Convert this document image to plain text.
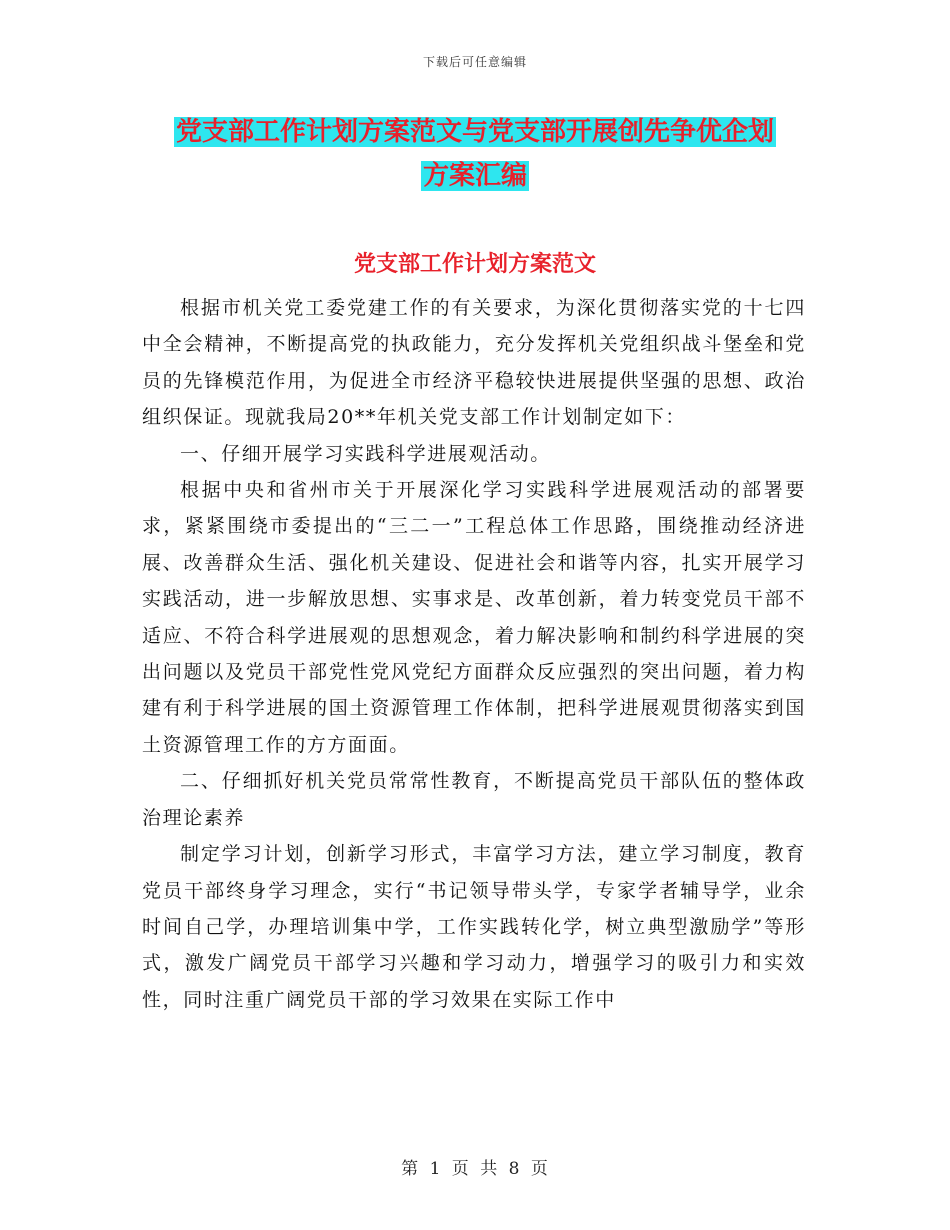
下载后可任意编辑
党支部工作计划方案范文与党支部开展创先争优企划
方案汇编
党支部工作计划方案范文

根据市机关党工委党建工作的有关要求，为深化贯彻落实党的十七四中全会精神，不断提高党的执政能力，充分发挥机关党组织战斗堡垒和党员的先锋模范作用，为促进全市经济平稳较快进展提供坚强的思想、政治组织保证。现就我局20**年机关党支部工作计划制定如下：

一、仔细开展学习实践科学进展观活动。

根据中央和省州市关于开展深化学习实践科学进展观活动的部署要求，紧紧围绕市委提出的“三二一”工程总体工作思路，围绕推动经济进展、改善群众生活、强化机关建设、促进社会和谐等内容，扎实开展学习实践活动，进一步解放思想、实事求是、改革创新，着力转变党员干部不适应、不符合科学进展观的思想观念，着力解决影响和制约科学进展的突出问题以及党员干部党性党风党纪方面群众反应强烈的突出问题，着力构建有利于科学进展的国土资源管理工作体制，把科学进展观贯彻落实到国土资源管理工作的方方面面。

二、仔细抓好机关党员常常性教育，不断提高党员干部队伍的整体政治理论素养

制定学习计划，创新学习形式，丰富学习方法，建立学习制度，教育党员干部终身学习理念，实行“书记领导带头学，专家学者辅导学，业余时间自己学，办理培训集中学，工作实践转化学，树立典型激励学”等形式，激发广阔党员干部学习兴趣和学习动力，增强学习的吸引力和实效性，同时注重广阔党员干部的学习效果在实际工作中

第 1 页 共 8 页
